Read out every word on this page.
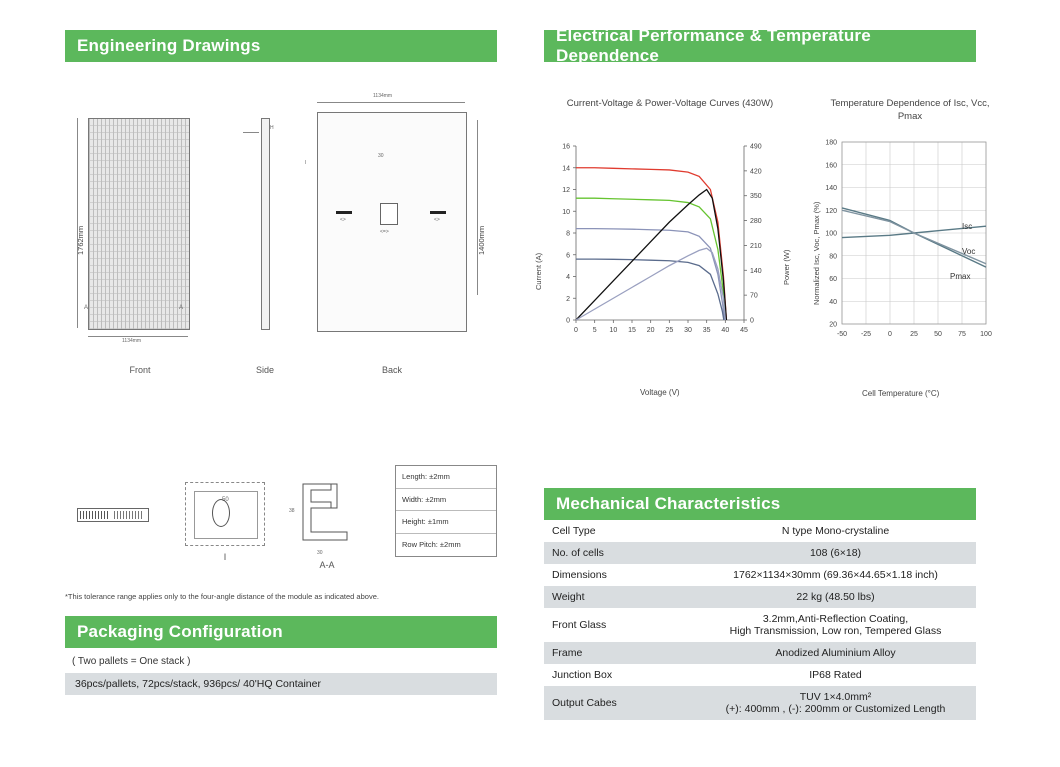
Engineering Drawings
Electrical Performance & Temperature Dependence
Mechanical Characteristics
Packaging Configuration
1762mm
1134mm
A	A
Front
H
Side
30
<=>
<>	<>
1134mm
1400mm
I
Back
50
I
38
30
A-A
Length: ±2mm
Width: ±2mm
Height: ±1mm
Row Pitch: ±2mm
*This tolerance range applies only to the four-angle distance of the module as indicated above.
( Two pallets = One stack )
36pcs/pallets, 72pcs/stack, 936pcs/ 40'HQ Container
Current-Voltage & Power-Voltage Curves (430W)
0 5 10 15 20 25 30 35 40 45
0
2
4
6
8
10
12
14
16
0
70
140
210
280
350
420
490
Voltage (V)
Current (A)	Power (W)
Temperature Dependence of Isc, Vcc, Pmax
20
40
60
80
100
120
140
160
180
-50 -25 0	25 50 75 100
Cell Temperature (°C)
Normalized Isc, Voc, Pmax (%)	Isc
Voc
Pmax
Cell Type	N type Mono-crystaline
No. of cells	108 (6×18)
Dimensions	1762×1134×30mm (69.36×44.65×1.18 inch)
Weight	22 kg (48.50 lbs)
Front Glass	3.2mm,Anti-Reflection Coating,
High Transmission, Low ron, Tempered Glass
Frame	Anodized Aluminium Alloy
Junction Box	IP68 Rated
Output Cabes	TUV 1×4.0mm²
(+): 400mm , (-): 200mm or Customized Length
